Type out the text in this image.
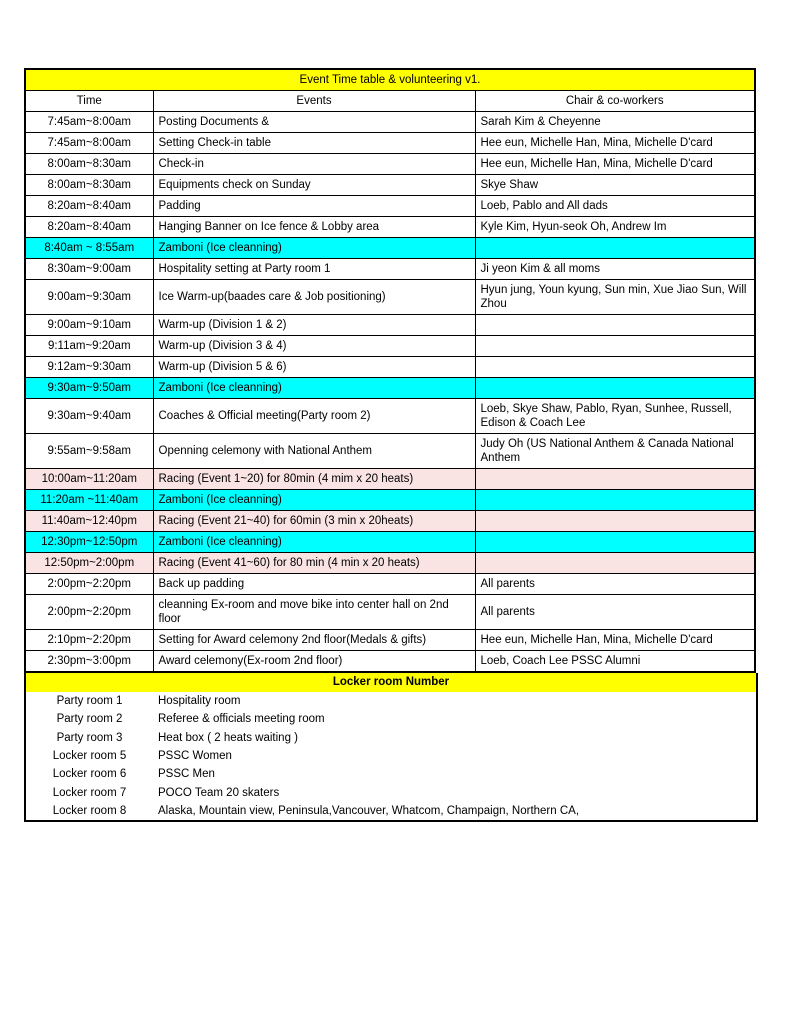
Event Time table & volunteering v1.		
Time	Events	Chair & co-workers
7:45am~8:00am	Posting Documents &	Sarah Kim & Cheyenne
7:45am~8:00am	Setting Check-in table	Hee eun, Michelle Han, Mina, Michelle D'card
8:00am~8:30am	Check-in	Hee eun, Michelle Han, Mina, Michelle D'card
8:00am~8:30am	Equipments check on Sunday	Skye Shaw
8:20am~8:40am	Padding	Loeb, Pablo and All dads
8:20am~8:40am	Hanging Banner on Ice fence & Lobby area	Kyle Kim, Hyun-seok Oh, Andrew Im
8:40am ~ 8:55am	Zamboni (Ice cleanning)	
8:30am~9:00am	Hospitality setting at Party room 1	Ji yeon Kim & all moms
9:00am~9:30am	Ice Warm-up(baades care & Job positioning)	Hyun jung, Youn kyung, Sun min, Xue Jiao Sun, Will Zhou
9:00am~9:10am	Warm-up (Division 1 & 2)	
9:11am~9:20am	Warm-up (Division 3 & 4)	
9:12am~9:30am	Warm-up (Division 5 & 6)	
9:30am~9:50am	Zamboni (Ice cleanning)	
9:30am~9:40am	Coaches & Official meeting(Party room 2)	Loeb, Skye Shaw, Pablo, Ryan, Sunhee, Russell, Edison & Coach Lee
9:55am~9:58am	Openning celemony with National Anthem	Judy Oh (US National Anthem & Canada National Anthem
10:00am~11:20am	Racing (Event 1~20) for 80min (4 mim x 20 heats)	
11:20am ~11:40am	Zamboni (Ice cleanning)	
11:40am~12:40pm	Racing (Event 21~40) for 60min (3 min x 20heats)	
12:30pm~12:50pm	Zamboni (Ice cleanning)	
12:50pm~2:00pm	Racing (Event 41~60) for 80 min (4 min x 20 heats)	
2:00pm~2:20pm	Back up padding	All parents
2:00pm~2:20pm	cleanning Ex-room and move bike into center hall on 2nd floor	All parents
2:10pm~2:20pm	Setting for Award celemony 2nd floor(Medals & gifts)	Hee eun, Michelle Han, Mina, Michelle D'card
2:30pm~3:00pm	Award celemony(Ex-room 2nd floor)	Loeb, Coach Lee PSSC Alumni
Locker room Number	
Party room 1	Hospitality room
Party room 2	Referee & officials meeting room
Party room 3	Heat box ( 2 heats waiting )
Locker room 5	PSSC Women
Locker room 6	PSSC Men
Locker room 7	POCO Team 20 skaters
Locker room 8	Alaska, Mountain view, Peninsula,Vancouver, Whatcom, Champaign, Northern CA,
